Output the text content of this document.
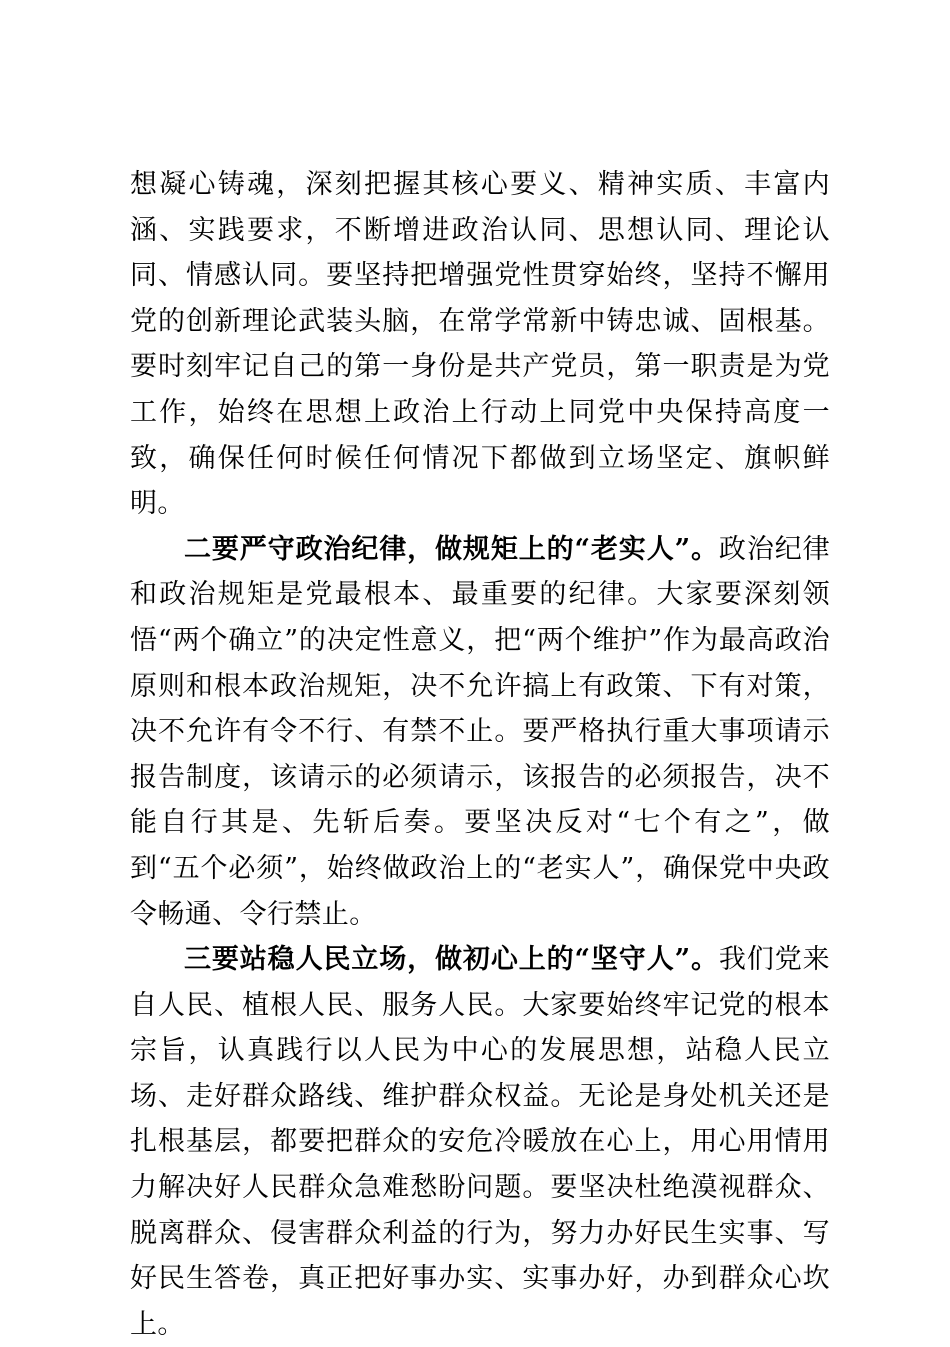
想凝心铸魂，深刻把握其核心要义、精神实质、丰富内涵、实践要求，不断增进政治认同、思想认同、理论认同、情感认同。要坚持把增强党性贯穿始终，坚持不懈用党的创新理论武装头脑，在常学常新中铸忠诚、固根基。要时刻牢记自己的第一身份是共产党员，第一职责是为党工作，始终在思想上政治上行动上同党中央保持高度一致，确保任何时候任何情况下都做到立场坚定、旗帜鲜明。

二要严守政治纪律，做规矩上的“老实人”。政治纪律和政治规矩是党最根本、最重要的纪律。大家要深刻领悟“两个确立”的决定性意义，把“两个维护”作为最高政治原则和根本政治规矩，决不允许搞上有政策、下有对策，决不允许有令不行、有禁不止。要严格执行重大事项请示报告制度，该请示的必须请示，该报告的必须报告，决不能自行其是、先斩后奏。要坚决反对“七个有之”，做到“五个必须”，始终做政治上的“老实人”，确保党中央政令畅通、令行禁止。

三要站稳人民立场，做初心上的“坚守人”。我们党来自人民、植根人民、服务人民。大家要始终牢记党的根本宗旨，认真践行以人民为中心的发展思想，站稳人民立场、走好群众路线、维护群众权益。无论是身处机关还是扎根基层，都要把群众的安危冷暖放在心上，用心用情用力解决好人民群众急难愁盼问题。要坚决杜绝漠视群众、脱离群众、侵害群众利益的行为，努力办好民生实事、写好民生答卷，真正把好事办实、实事办好，办到群众心坎上。
